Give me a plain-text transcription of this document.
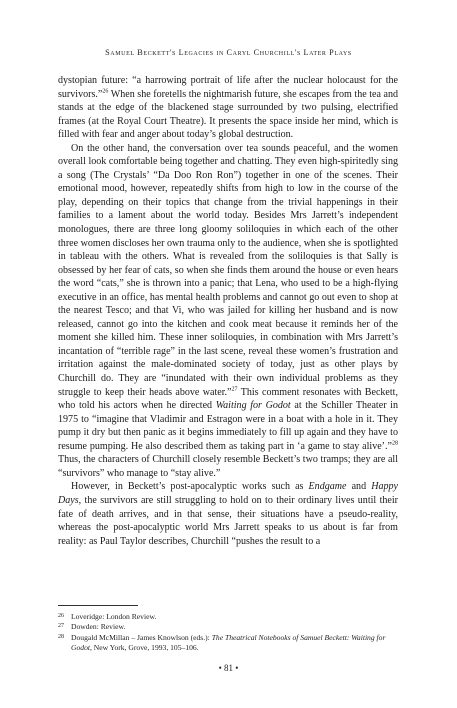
Samuel Beckett's Legacies in Caryl Churchill's Later Plays

dystopian future: “a harrowing portrait of life after the nuclear holocaust for the survivors.”$^{26}$ When she foretells the nightmarish future, she escapes from the tea and stands at the edge of the blackened stage surrounded by two pulsing, electrified frames (at the Royal Court Theatre). It presents the space inside her mind, which is filled with fear and anger about today’s global destruction.

On the other hand, the conversation over tea sounds peaceful, and the women overall look comfortable being together and chatting. They even high-spiritedly sing a song (The Crystals’ “Da Doo Ron Ron”) together in one of the scenes. Their emotional mood, however, repeatedly shifts from high to low in the course of the play, depending on their topics that change from the trivial happenings in their families to a lament about the world today. Besides Mrs Jarrett’s independent monologues, there are three long gloomy soliloquies in which each of the other three women discloses her own trauma only to the audience, when she is spotlighted in tableau with the others. What is revealed from the soliloquies is that Sally is obsessed by her fear of cats, so when she finds them around the house or even hears the word “cats,” she is thrown into a panic; that Lena, who used to be a high-flying executive in an office, has mental health problems and cannot go out even to shop at the nearest Tesco; and that Vi, who was jailed for killing her husband and is now released, cannot go into the kitchen and cook meat because it reminds her of the moment she killed him. These inner soliloquies, in combination with Mrs Jarrett’s incantation of “terrible rage” in the last scene, reveal these women’s frustration and irritation against the male-dominated society of today, just as other plays by Churchill do. They are “inundated with their own individual problems as they struggle to keep their heads above water.”$^{27}$ This comment resonates with Beckett, who told his actors when he directed Waiting for Godot at the Schiller Theater in 1975 to “imagine that Vladimir and Estragon were in a boat with a hole in it. They pump it dry but then panic as it begins immediately to fill up again and they have to resume pumping. He also described them as taking part in ‘a game to stay alive’.”$^{28}$ Thus, the characters of Churchill closely resemble Beckett’s two tramps; they are all “survivors” who manage to “stay alive.”

However, in Beckett’s post-apocalyptic works such as Endgame and Happy Days, the survivors are still struggling to hold on to their ordinary lives until their fate of death arrives, and in that sense, their situations have a pseudo-reality, whereas the post-apocalyptic world Mrs Jarrett speaks to us about is far from reality: as Paul Taylor describes, Churchill “pushes the result to a

26 Loveridge: London Review.
27 Dowden: Review.
28 Dougald McMillan – James Knowlson (eds.): The Theatrical Notebooks of Samuel Beckett: Waiting for Godot, New York, Grove, 1993, 105–106.
• 81 •
